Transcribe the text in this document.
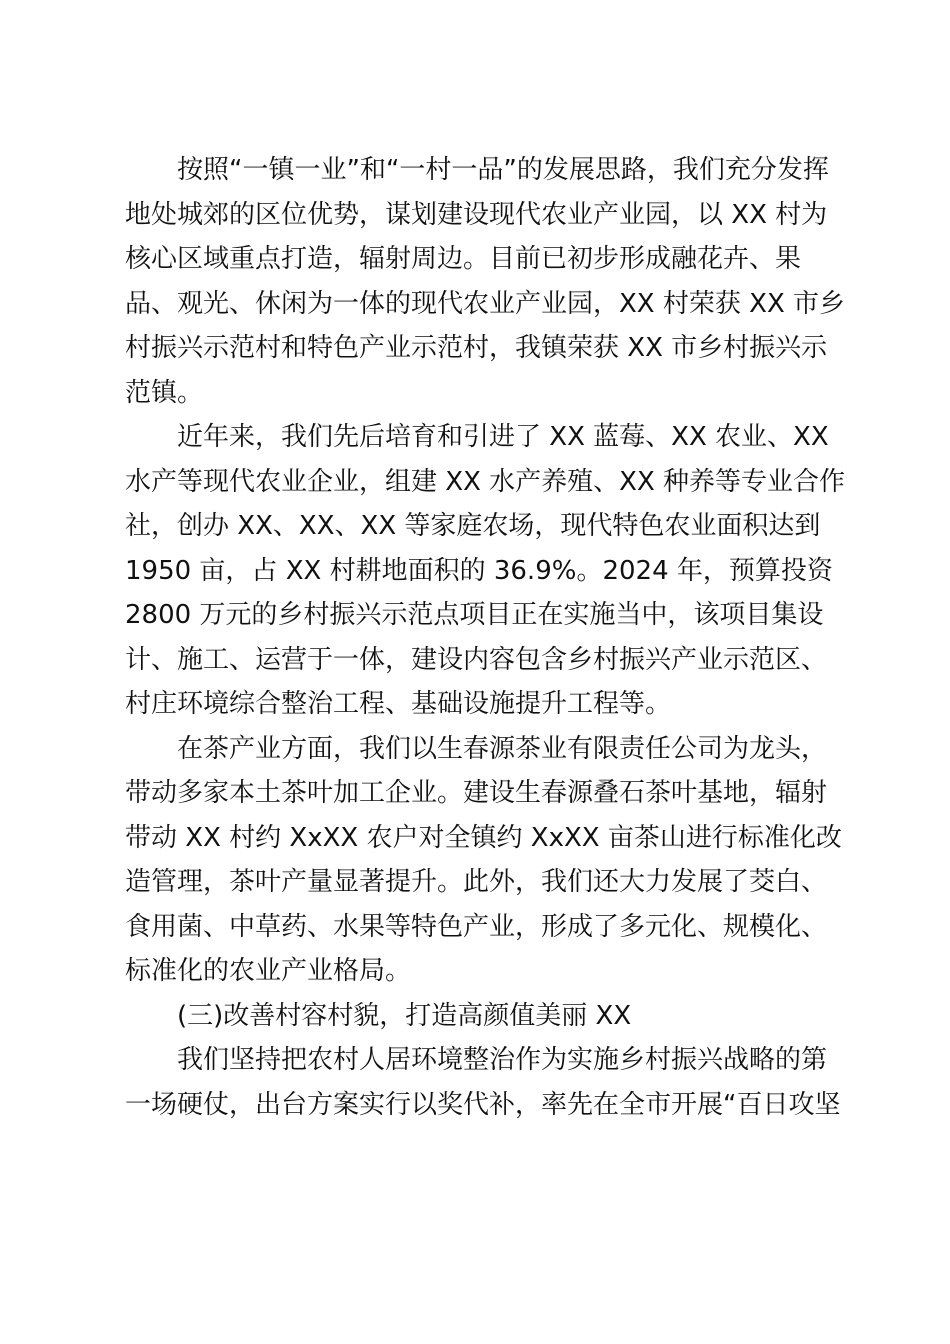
按照“一镇一业”和“一村一品”的发展思路，我们充分发挥
地处城郊的区位优势，谋划建设现代农业产业园，以 XX 村为
核心区域重点打造，辐射周边。目前已初步形成融花卉、果
品、观光、休闲为一体的现代农业产业园，XX 村荣获 XX 市乡
村振兴示范村和特色产业示范村，我镇荣获 XX 市乡村振兴示
范镇。
近年来，我们先后培育和引进了 XX 蓝莓、XX 农业、XX
水产等现代农业企业，组建 XX 水产养殖、XX 种养等专业合作
社，创办 XX、XX、XX 等家庭农场，现代特色农业面积达到
1950 亩，占 XX 村耕地面积的 36.9%。2024 年，预算投资
2800 万元的乡村振兴示范点项目正在实施当中，该项目集设
计、施工、运营于一体，建设内容包含乡村振兴产业示范区、
村庄环境综合整治工程、基础设施提升工程等。
在茶产业方面，我们以生春源茶业有限责任公司为龙头，
带动多家本土茶叶加工企业。建设生春源叠石茶叶基地，辐射
带动 XX 村约 XxXX 农户对全镇约 XxXX 亩茶山进行标准化改
造管理，茶叶产量显著提升。此外，我们还大力发展了茭白、
食用菌、中草药、水果等特色产业，形成了多元化、规模化、
标准化的农业产业格局。
(三)改善村容村貌，打造高颜值美丽 XX
我们坚持把农村人居环境整治作为实施乡村振兴战略的第
一场硬仗，出台方案实行以奖代补，率先在全市开展“百日攻坚
